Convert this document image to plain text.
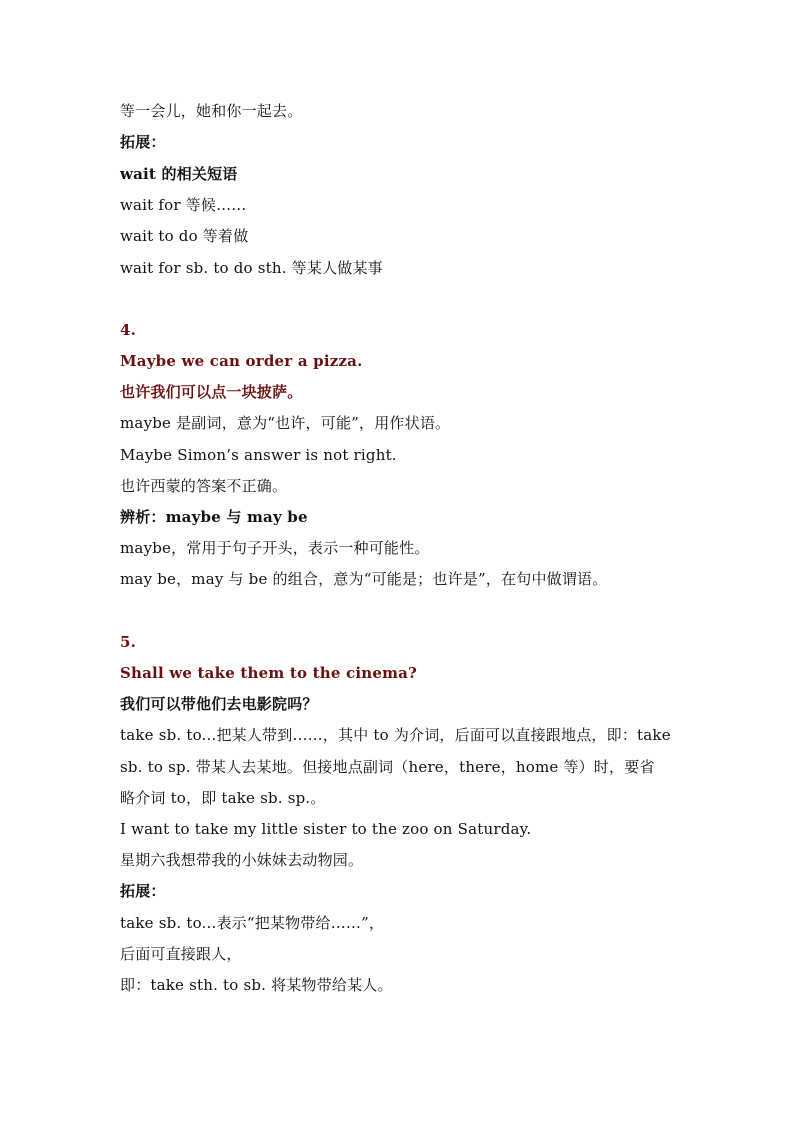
等一会儿，她和你一起去。
拓展：
wait 的相关短语
wait for 等候……
wait to do 等着做
wait for sb. to do sth. 等某人做某事
4.
Maybe we can order a pizza.
也许我们可以点一块披萨。
maybe 是副词，意为“也许，可能”，用作状语。
Maybe Simon’s answer is not right.
也许西蒙的答案不正确。
辨析：maybe 与 may be
maybe，常用于句子开头，表示一种可能性。
may be，may 与 be 的组合，意为“可能是；也许是”，在句中做谓语。
5.
Shall we take them to the cinema?
我们可以带他们去电影院吗？
take sb. to...把某人带到……，其中 to 为介词，后面可以直接跟地点，即：take
sb. to sp. 带某人去某地。但接地点副词（here，there，home 等）时，要省
略介词 to，即 take sb. sp.。
I want to take my little sister to the zoo on Saturday.
星期六我想带我的小妹妹去动物园。
拓展：
take sb. to...表示“把某物带给……”，
后面可直接跟人，
即：take sth. to sb. 将某物带给某人。
